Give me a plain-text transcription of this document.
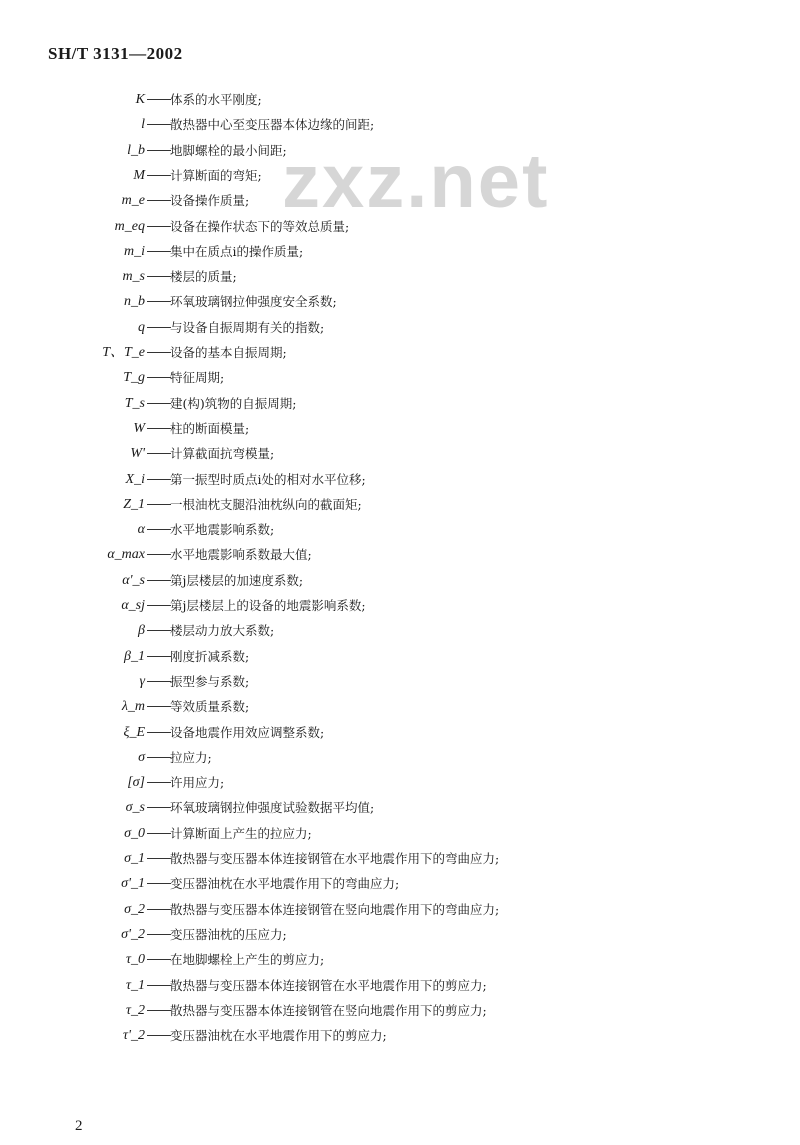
SH/T 3131—2002
zxz.net
K 体系的水平刚度;
l 散热器中心至变压器本体边缘的间距;
l_b 地脚螺栓的最小间距;
M 计算断面的弯矩;
m_e 设备操作质量;
m_eq 设备在操作状态下的等效总质量;
m_i 集中在质点i的操作质量;
m_s 楼层的质量;
n_b 环氧玻璃钢拉伸强度安全系数;
q 与设备自振周期有关的指数;
T、T_e 设备的基本自振周期;
T_g 特征周期;
T_s 建(构)筑物的自振周期;
W 柱的断面模量;
W' 计算截面抗弯模量;
X_i 第一振型时质点i处的相对水平位移;
Z_1 一根油枕支腿沿油枕纵向的截面矩;
α 水平地震影响系数;
α_max 水平地震影响系数最大值;
α'_s 第j层楼层的加速度系数;
α_sj 第j层楼层上的设备的地震影响系数;
β 楼层动力放大系数;
β_1 刚度折减系数;
γ 振型参与系数;
λ_m 等效质量系数;
ξ_E 设备地震作用效应调整系数;
σ 拉应力;
[σ] 许用应力;
σ_s 环氧玻璃钢拉伸强度试验数据平均值;
σ_0 计算断面上产生的拉应力;
σ_1 散热器与变压器本体连接钢管在水平地震作用下的弯曲应力;
σ'_1 变压器油枕在水平地震作用下的弯曲应力;
σ_2 散热器与变压器本体连接钢管在竖向地震作用下的弯曲应力;
σ'_2 变压器油枕的压应力;
τ_0 在地脚螺栓上产生的剪应力;
τ_1 散热器与变压器本体连接钢管在水平地震作用下的剪应力;
τ_2 散热器与变压器本体连接钢管在竖向地震作用下的剪应力;
τ'_2 变压器油枕在水平地震作用下的剪应力;
2
